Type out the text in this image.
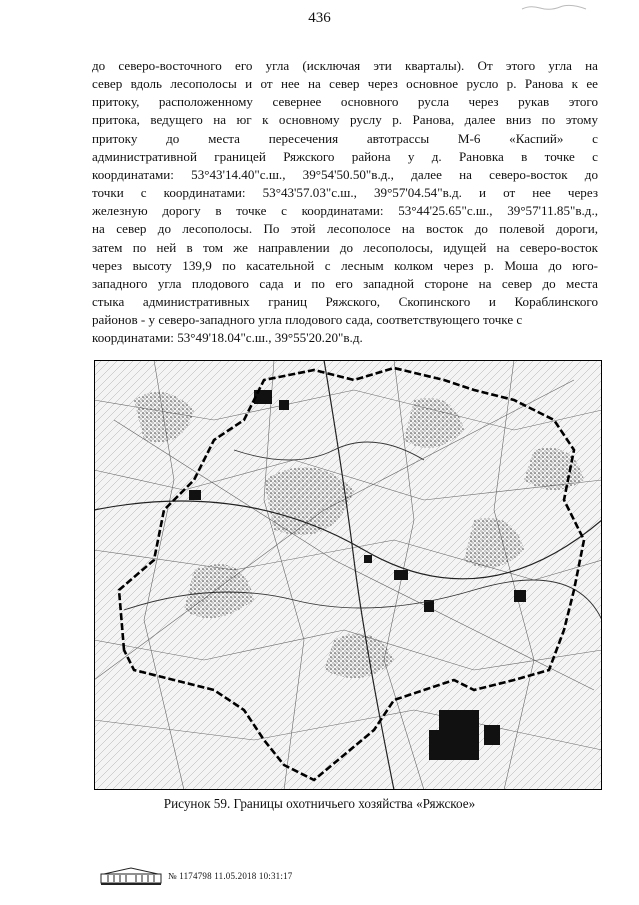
436
до северо-восточного его угла (исключая эти кварталы). От этого угла на
север вдоль лесополосы и от нее на север через основное русло р. Ранова к ее
притоку, расположенному севернее основного русла через рукав этого
притока, ведущего на юг к основному руслу р. Ранова, далее вниз по этому
притоку до места пересечения автотрассы М-6 «Каспий» с
административной границей Ряжского района у д. Рановка в точке с
координатами: 53°43'14.40"с.ш., 39°54'50.50"в.д., далее на северо-восток до
точки с координатами: 53°43'57.03"с.ш., 39°57'04.54"в.д. и от нее через
железную дорогу в точке с координатами: 53°44'25.65"с.ш., 39°57'11.85"в.д.,
на север до лесополосы. По этой лесополосе на восток до полевой дороги,
затем по ней в том же направлении до лесополосы, идущей на северо-восток
через высоту 139,9 по касательной с лесным колком через р. Моша до юго-
западного угла плодового сада и по его западной стороне на север до места
стыка административных границ Ряжского, Скопинского и Кораблинского
районов - у северо-западного угла плодового сада, соответствующего точке с
координатами: 53°49'18.04"с.ш., 39°55'20.20"в.д.
Рисунок 59. Границы охотничьего хозяйства «Ряжское»
№ 1174798 11.05.2018 10:31:17
